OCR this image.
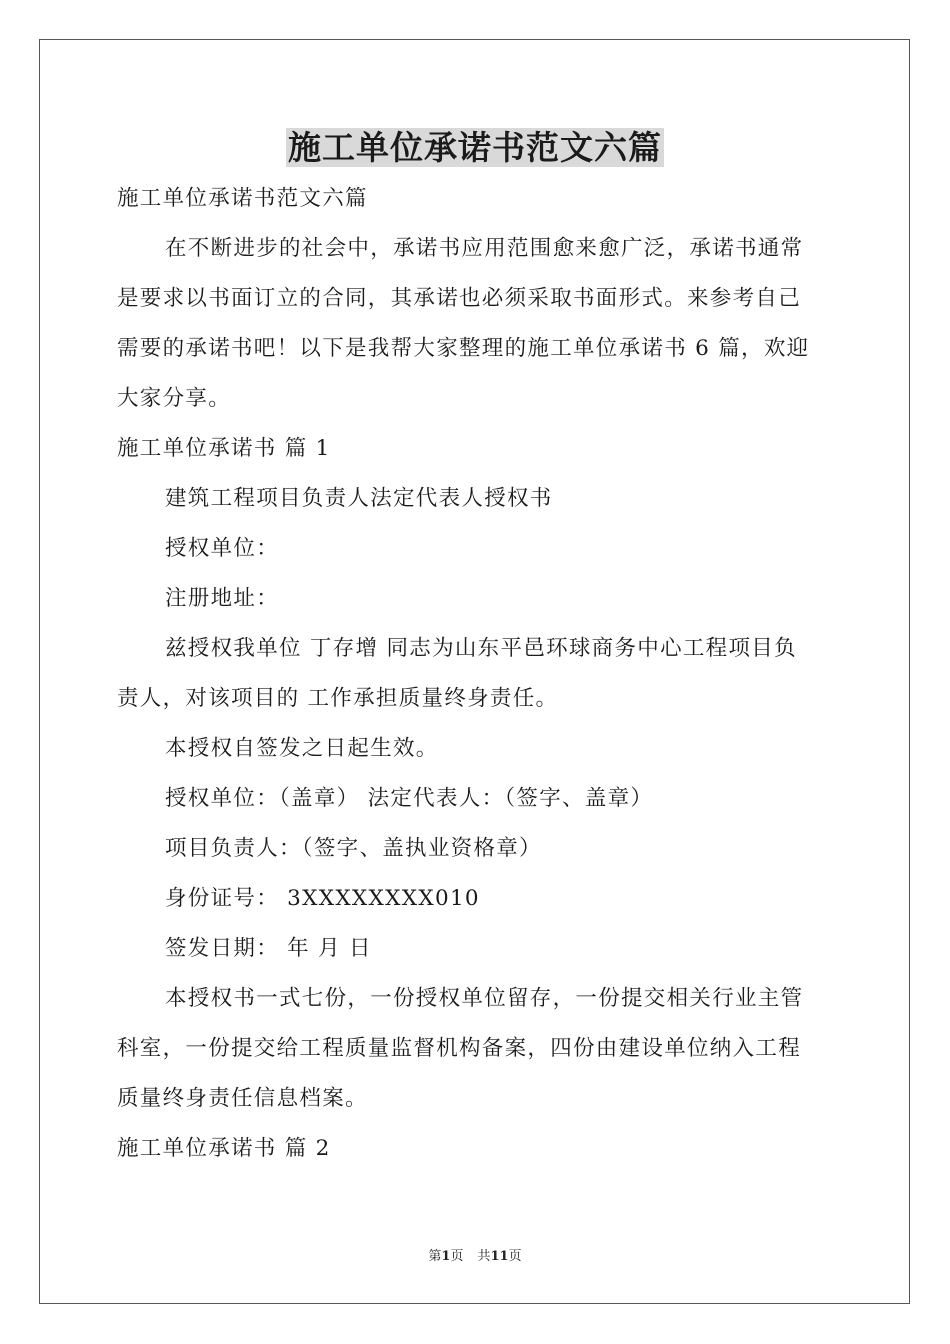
施工单位承诺书范文六篇
施工单位承诺书范文六篇
在不断进步的社会中，承诺书应用范围愈来愈广泛，承诺书通常
是要求以书面订立的合同，其承诺也必须采取书面形式。来参考自己
需要的承诺书吧！以下是我帮大家整理的施工单位承诺书 6 篇，欢迎
大家分享。
施工单位承诺书 篇 1
建筑工程项目负责人法定代表人授权书
授权单位：
注册地址：
兹授权我单位 丁存增 同志为山东平邑环球商务中心工程项目负
责人，对该项目的 工作承担质量终身责任。
本授权自签发之日起生效。
授权单位：（盖章） 法定代表人：（签字、盖章）
项目负责人：（签字、盖执业资格章）
身份证号： 3XXXXXXXX010
签发日期： 年 月 日
本授权书一式七份，一份授权单位留存，一份提交相关行业主管
科室，一份提交给工程质量监督机构备案，四份由建设单位纳入工程
质量终身责任信息档案。
施工单位承诺书 篇 2
第1页 共11页
